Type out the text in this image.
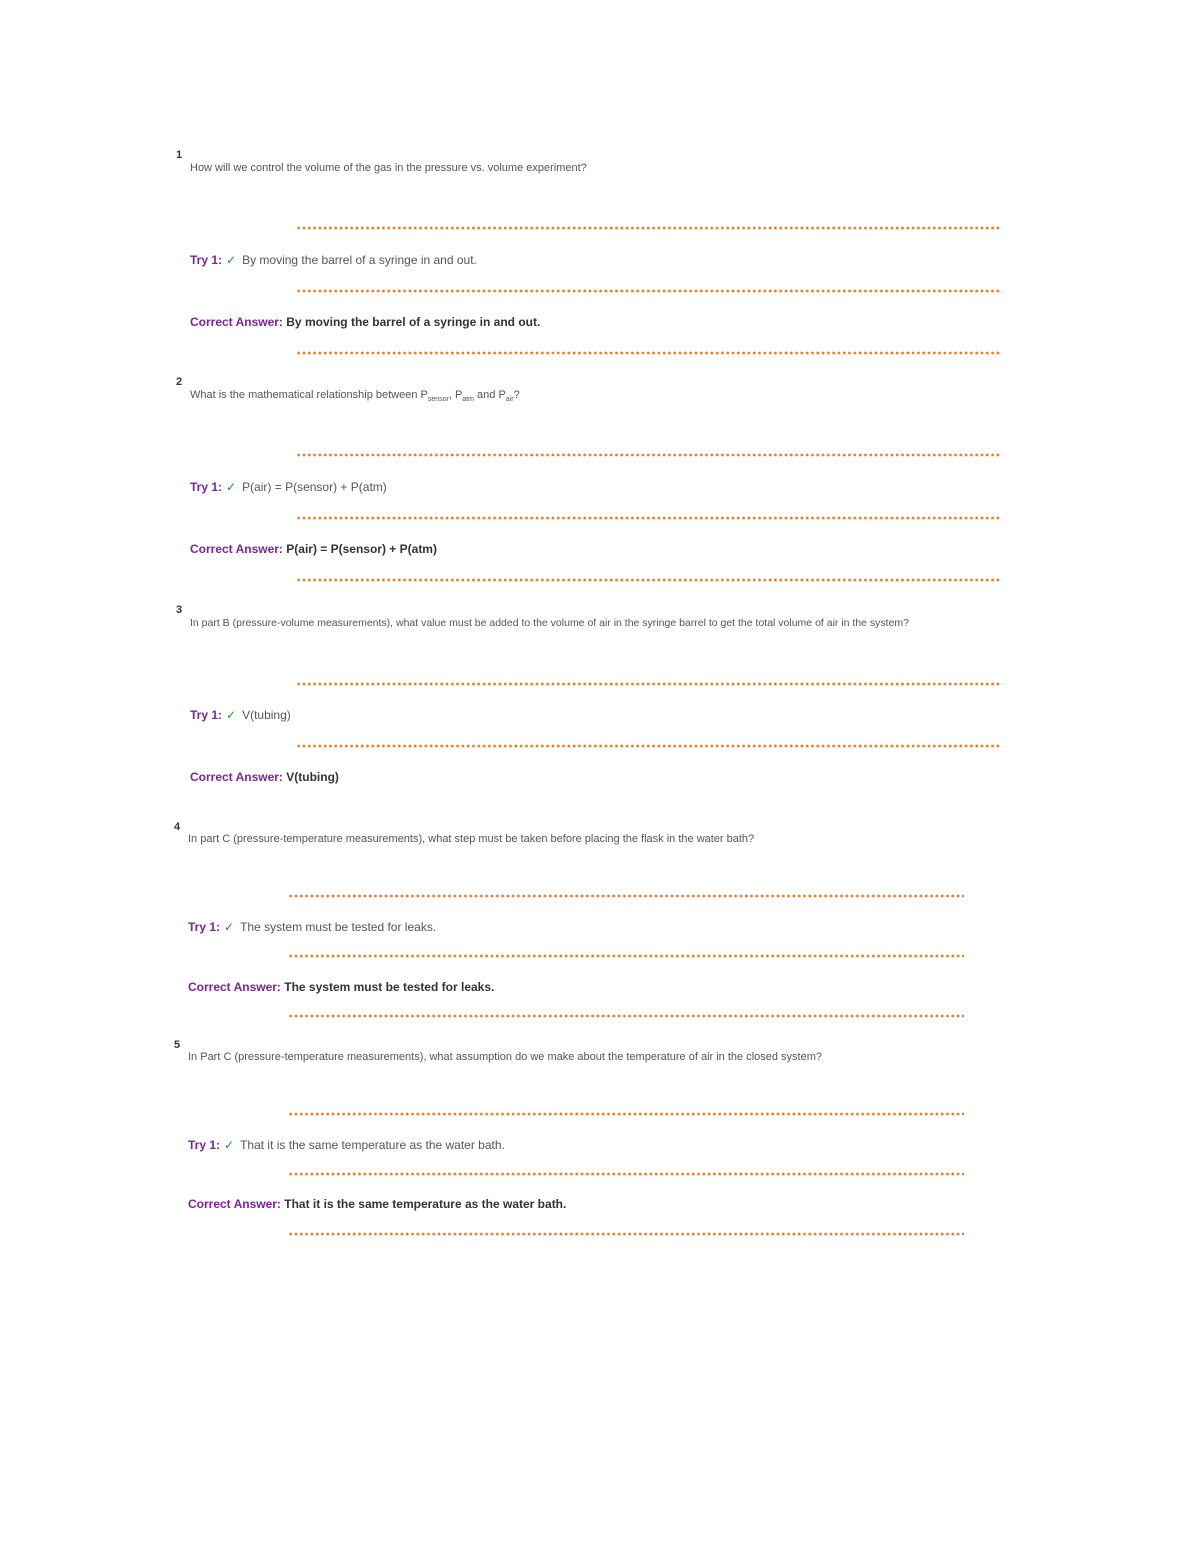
1
How will we control the volume of the gas in the pressure vs. volume experiment?
Try 1: ✓ By moving the barrel of a syringe in and out.
Correct Answer: By moving the barrel of a syringe in and out.
2
What is the mathematical relationship between $P_{sensor}$, $P_{atm}$ and $P_{air}$?
Try 1: ✓ P(air) = P(sensor) + P(atm)
Correct Answer: P(air) = P(sensor) + P(atm)
3
In part B (pressure-volume measurements), what value must be added to the volume of air in the syringe barrel to get the total volume of air in the system?
Try 1: ✓ V(tubing)
Correct Answer: V(tubing)
4
In part C (pressure-temperature measurements), what step must be taken before placing the flask in the water bath?
Try 1: ✓ The system must be tested for leaks.
Correct Answer: The system must be tested for leaks.
5
In Part C (pressure-temperature measurements), what assumption do we make about the temperature of air in the closed system?
Try 1: ✓ That it is the same temperature as the water bath.
Correct Answer: That it is the same temperature as the water bath.
